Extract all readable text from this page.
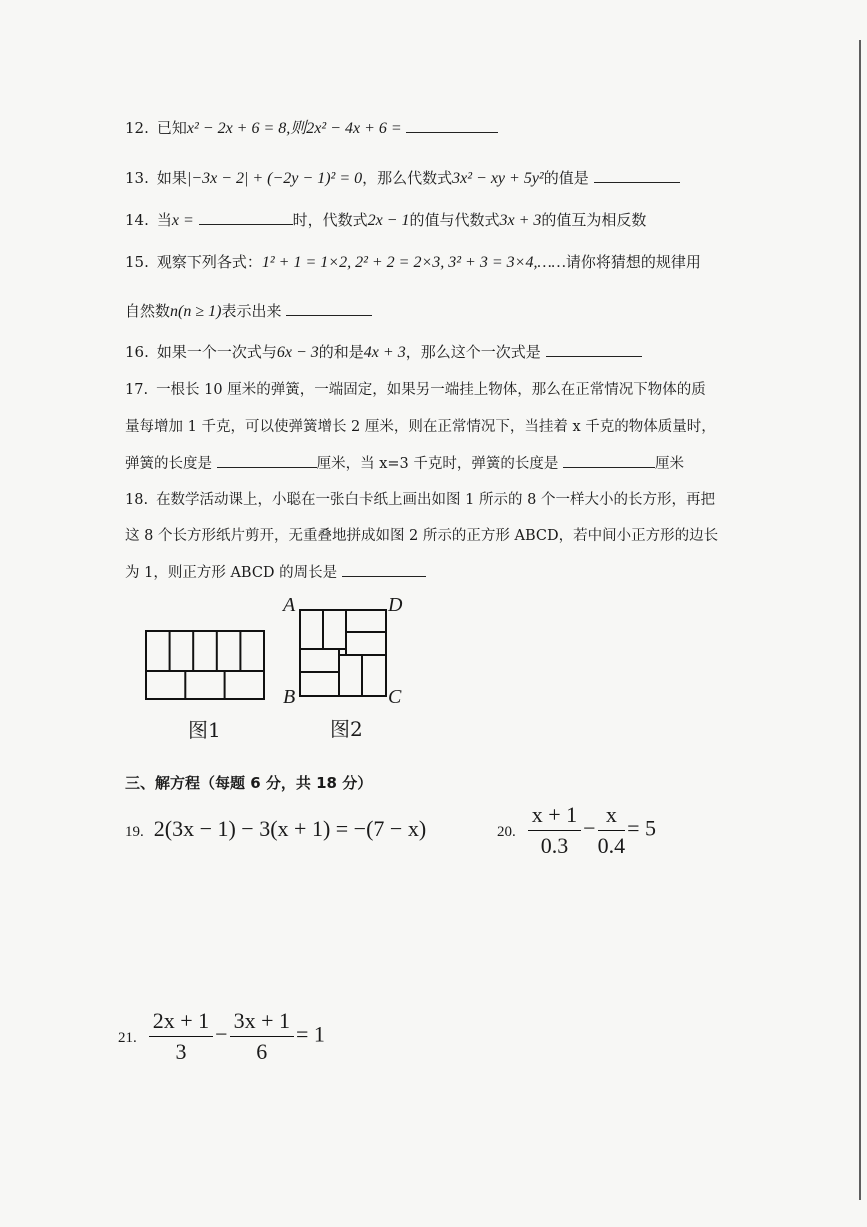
12. 已知x² − 2x + 6 = 8,则2x² − 4x + 6 =
13. 如果|−3x − 2| + (−2y − 1)² = 0，那么代数式3x² − xy + 5y²的值是
14. 当x =	时，代数式2x − 1的值与代数式3x + 3的值互为相反数
15. 观察下列各式：1² + 1 = 1×2, 2² + 2 = 2×3, 3² + 3 = 3×4,……请你将猜想的规律用
自然数n(n ≥ 1)表示出来
16. 如果一个一次式与6x − 3的和是4x + 3，那么这个一次式是
17. 一根长 10 厘米的弹簧，一端固定，如果另一端挂上物体，那么在正常情况下物体的质
量每增加 1 千克，可以使弹簧增长 2 厘米，则在正常情况下，当挂着 x 千克的物体质量时，
弹簧的长度是	厘米，当 x=3 千克时，弹簧的长度是	厘米
18. 在数学活动课上，小聪在一张白卡纸上画出如图 1 所示的 8 个一样大小的长方形，再把
这 8 个长方形纸片剪开，无重叠地拼成如图 2 所示的正方形 ABCD，若中间小正方形的边长
为 1，则正方形 ABCD 的周长是
图1
A	D
B	C
图2
三、解方程（每题 6 分，共 18 分）
19. 2(3x − 1) − 3(x + 1) = −(7 − x)	20. $\frac{x + 1}{0.3} - \frac{x}{0.4} = 5$
21. $\frac{2x + 1}{3} - \frac{3x + 1}{6} = 1$
